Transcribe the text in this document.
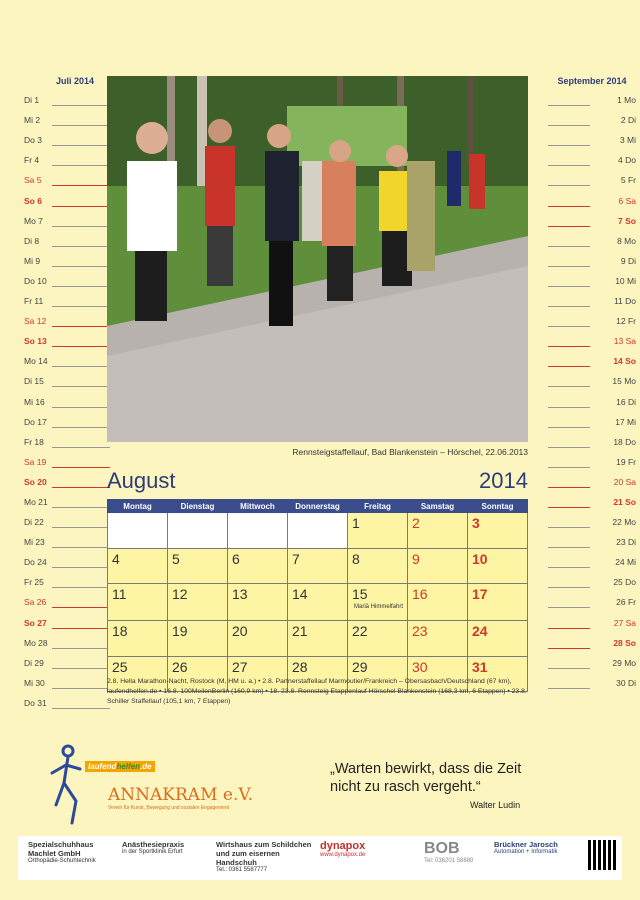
Juli 2014
Di 1
Mi 2
Do 3
Fr 4
Sa 5
So 6
Mo 7
Di 8
Mi 9
Do 10
Fr 11
Sa 12
So 13
Mo 14
Di 15
Mi 16
Do 17
Fr 18
Sa 19
So 20
Mo 21
Di 22
Mi 23
Do 24
Fr 25
Sa 26
So 27
Mo 28
Di 29
Mi 30
Do 31
September 2014
1 Mo
2 Di
3 Mi
4 Do
5 Fr
6 Sa
7 So
8 Mo
9 Di
10 Mi
11 Do
12 Fr
13 Sa
14 So
15 Mo
16 Di
17 Mi
18 Do
19 Fr
20 Sa
21 So
22 Mo
23 Di
24 Mi
25 Do
26 Fr
27 Sa
28 So
29 Mo
30 Di
Rennsteigstaffellauf, Bad Blankenstein – Hörschel, 22.06.2013
August	2014
Montag	Dienstag	Mittwoch	Donnerstag	Freitag	Samstag	Sonntag
				1	2	3
4	5	6	7	8	9	10
11	12	13	14	15Mariä Himmelfahrt	16	17
18	19	20	21	22	23	24
25	26	27	28	29	30	31
2.8. Hella Marathon-Nacht, Rostock (M, HM u. a.) • 2.8. Partnerstaffellauf Marmoutier/Frankreich – Obersasbach/Deutschland (67 km), laufendhelfen.de • 16.8. 100MeilenBerlin (160,9 km) • 18. 23.8. Rennsteig Etappenlauf Hörschel Blankenstein (168,3 km, 6 Etappen) • 23.8. Schiller Staffellauf (105,1 km, 7 Etappen)
laufendhelfen.de
ANNAKRAM e.V.
Verein für Kunst, Bewegung und sozialen Engagement
„Warten bewirkt, dass die Zeit nicht zu rasch vergeht.“
Walter Ludin
Spezialschuhhaus Machlet GmbH
Orthopädie-Schuhtechnik
Anästhesiepraxis
in der Sportklinik Erfurt
Wirtshaus zum Schildchen und zum eisernen Handschuh
Tel.: 0361 5587777
dynapox
www.dynapox.de	BOB
Tel: 036201 58880
Brückner Jarosch
Automation + Informatik
